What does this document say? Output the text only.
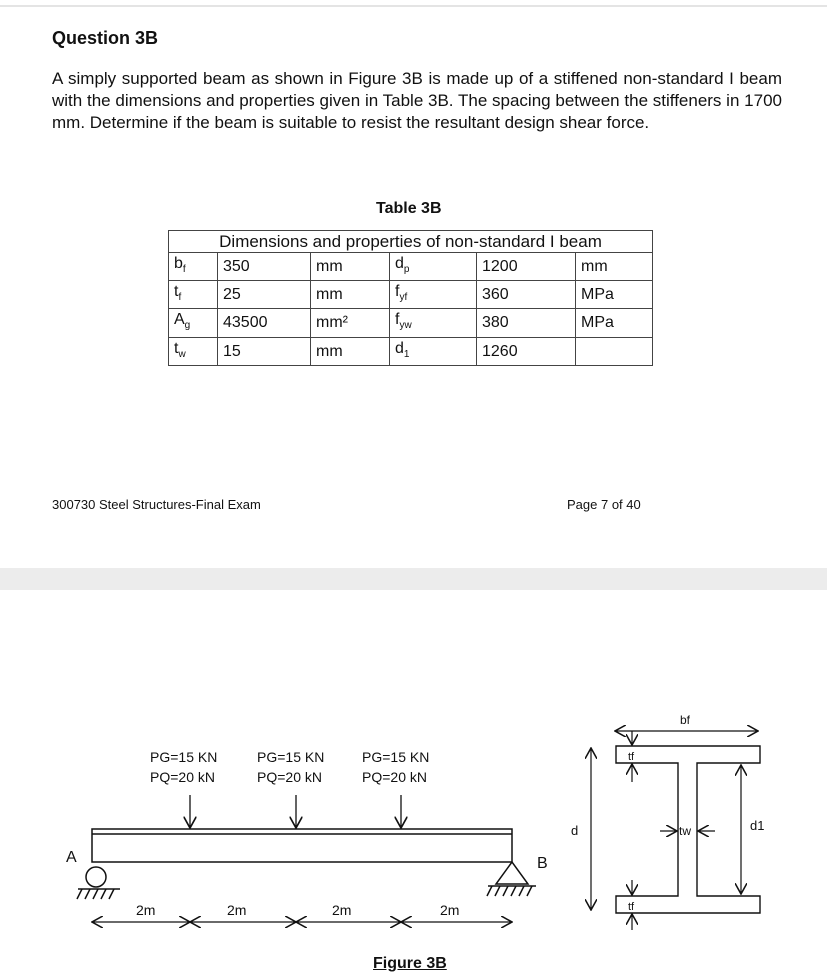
Question 3B
A simply supported beam as shown in Figure 3B is made up of a stiffened non-standard I beam with the dimensions and properties given in Table 3B. The spacing between the stiffeners in 1700 mm. Determine if the beam is suitable to resist the resultant design shear force.
Table 3B
Dimensions and properties of non-standard I beam					
$b_f$	350	mm	$d_p$	1200	mm
$t_f$	25	mm	$f_{yf}$	360	MPa
$A_g$	43500	mm²	$f_{yw}$	380	MPa
$t_w$	15	mm	$d_1$	1260	
300730 Steel Structures-Final Exam	Page 7 of 40
PG=15 KN
PQ=20 kN
PG=15 KN
PQ=20 kN
PG=15 KN
PQ=20 kN
A	B
2m	2m	2m	2m
bf
tf
tf
tw
d	d1
Figure 3B
